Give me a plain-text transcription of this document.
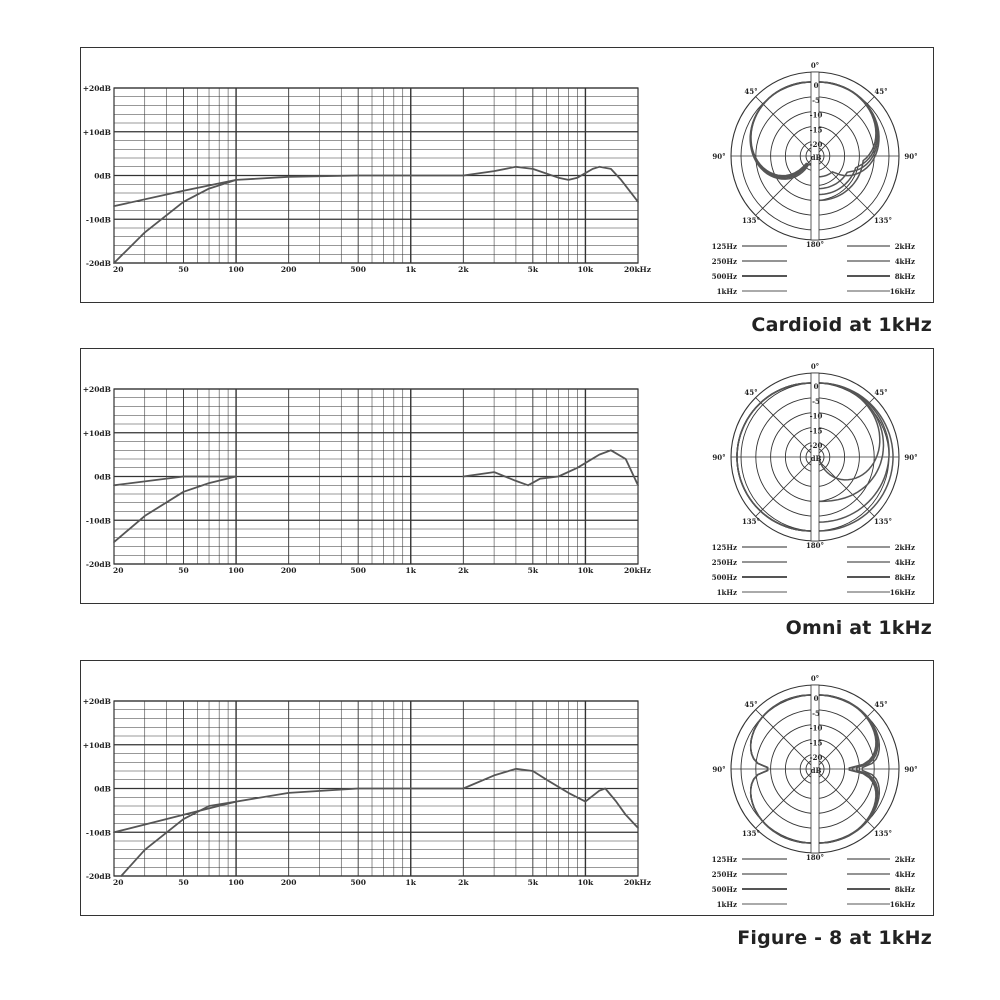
+20dB
+10dB
0dB
-10dB
-20dB
20	50	100	200	500	1k	2k	5k	10k	20kHz
0
-5
-10
-15
-20
dB
0°
45°
90°
135°
180°
135°
90°
45°
125Hz
250Hz
500Hz
1kHz
2kHz
4kHz
8kHz
16kHz
Cardioid at 1kHz
+20dB
+10dB
0dB
-10dB
-20dB
20	50	100	200	500	1k	2k	5k	10k	20kHz
0
-5
-10
-15
-20
dB
0°
45°
90°
135°
180°
135°
90°
45°
125Hz
250Hz
500Hz
1kHz
2kHz
4kHz
8kHz
16kHz
Omni at 1kHz
+20dB
+10dB
0dB
-10dB
-20dB
20	50	100	200	500	1k	2k	5k	10k	20kHz
0
-5
-10
-15
-20
dB
0°
45°
90°
135°
180°
135°
90°
45°
125Hz
250Hz
500Hz
1kHz
2kHz
4kHz
8kHz
16kHz
Figure - 8 at 1kHz
